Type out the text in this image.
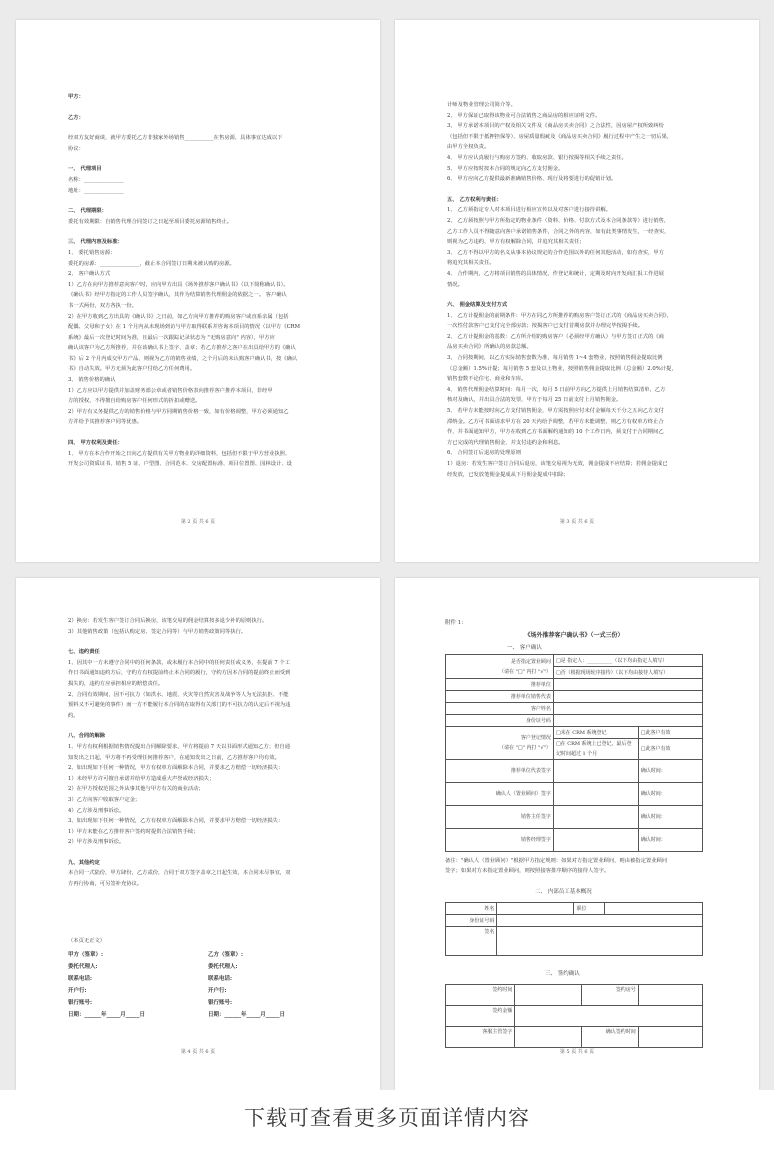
甲方：
乙方：
经双方友好商谈，就甲方委托乙方非独家外场销售___________在售房源，具体事宜达成以下
协议：
一、 代理项目
名称：_______________
地址：_______________
二、 代理期限：
委托有效期限：自销售代理合同签订之日起至项目委托房源销售终止。
三、 代理内容及标准：
1、 委托销售房源：
委托的房源：_______________，截止本合同签订日期未被认购的房源。
2、 客户确认方式
1）乙方在向甲方推荐意向客户时，应向甲方出具《场外推荐客户确认书》（以下简称确认书）。
《确认书》经甲方指定的工作人员签字确认，其作为结算销售代理佣金的依据之一。 客户确认
书一式两份，双方各执一份。
2）在甲方收到乙方出具的《确认书》之日前，如乙方向甲方推荐的购房客户或直系亲属（包括
配偶、父母和子女）在 1 个月内从未现场到访与甲方取得联系并咨询本项目的情况（以甲方《CRM
系统》最后一次登记时间为准，且最后一次跟踪记录状态为 "无购房意向" 内容），甲方应
确认该客户为乙方所推荐，并在该确认书上签字、盖章；若乙方推荐之客户在出具给甲方的《确认
书》后 2 个月内成交甲方产品，则视为乙方的销售业绩，之个月后的未认购客户确认书，按《确认
书》自动失效。甲方无须为此客户付给乙方任何费用。
3、 销售价格的确认
1）乙方应以甲方提供并加盖财务部公章或者销售价格表向推荐客户推荐本项目，非经甲
方的授权，不得擅自给购房客户任何形式的折扣或赠送。
2）甲方有义务提供乙方的销售价格与甲方同期销售价格一致，如有价格调整，甲方必须通知乙
方并给予其推荐客户同等优惠。
四、 甲方权利及责任：
1、 甲方在本合作开始之日向乙方提供有关甲方物业的详细资料，包括但不限于甲方营业执照、
开发公司资质证书、销售 5 证、户型图、合同范本、交房配置标准、项目位置图、园林设计、设
第 2 页 共 6 页
计师及物业管理公司简介等。
2、 甲方保证已取得该物业可合法销售之商品房的相应证明文件。
3、 甲方承诺本项目的产权及相关文件及《商品房买卖合同》之合法性，因房屋产权所致纠纷
（包括但不限于抵押担保等）、房屋质量瑕疵及《商品房买卖合同》履行过程中产生之一切后果，
由甲方全权负责。
4、 甲方应认真履行与购房方签约、收取房款、银行按揭等相关手续之责任。
5、 甲方应按时按本合同的规定向乙方支付佣金。
6、 甲方应向乙方提供最新准确销售价格、现行及将要进行的促销计划。
五、 乙方权利与责任：
1、 乙方须指定专人对本项目进行相应宣传以及对客户进行接待讲解。
2、 乙方须按照与甲方所指定的物业条件（资料、价格、付款方式及本合同条款等）进行销售，
乙方工作人员不得随意向客户承诺销售条件，合同之外的内容，如有此类事情发生，一经查实，
则视为乙方违约，甲方有权解除合同，并追究其相关责任；
3、 乙方不得以甲方的名义从事本协议规定的合作范围以外的任何其他活动，如有查实，甲方
将追究其相关责任。
4、 合作期内，乙方将项目销售的具体情况，作登记和统计，定期及时向开发商汇报工作进展
情况。
六、 佣金结算及支付方式
1、 乙方计提佣金的前期条件：甲方在同乙方所推荐的购房客户签订正式的《商品房买卖合同》，
一次性付款客户已支付完全部房款；按揭客户已支付首期房款并办理完毕按揭手续。
2、 乙方计提佣金的基数：乙方所介绍的购房客户（必须经甲方确认）与甲方签订正式的《商
品房买卖合同》所确认的房款总额。
3、 合同按期间，以乙方实际销售套数为准，每月销售 1~4 套物业，按照销售佣金提取比例
（总金额）1.5%计提；每月销售 5 套及以上物业，按照销售佣金提取比例（总金额）2.0%计提，
销售套数不论住宅、商业和车库。
4、 销售代理佣金结算时间：每月一次，每月 5 日前甲方向乙方提供上月销售结算清单，乙方
核对及确认，并出具合法的发票，甲方于每月 25 日前支付上月销售佣金。
5、 若甲方未能按时向乙方支付销售佣金，甲方需按照应付未付金额每天千分之五向乙方支付
滞纳金。乙方可书面请求甲方在 20 天内给予调整，若甲方未能调整，则乙方有权单方终止合
作，并书面通知甲方，甲方在收到乙方书面解约通知的 10 个工作日内，须支付于合同期间乙
方已完成的代理销售佣金，并支付违约金和利息。
6、 合同签订后退房的处理原则
1）退房：若发生客户签订合同后退房，该笔交易视为无效，佣金提成不应结算；若佣金提成已
经发放，已发放笔佣金提成从下月佣金提成中扣除；
第 3 页 共 6 页
2）换房：若发生客户签订合同后换房，该笔交易的佣金结算按多退少补的原则执行。
3）其他销售政策（包括认购定房、签定合同等）与甲方销售政策同等执行。
七、违约责任
1、因其中一方未遵守合同中的任何条款，或未履行本合同中的任何责任或义务，在提前 7 个工
作日书面通知违约方后，守约方有权提前终止本合同的履行，守约方因本合同的提前终止而受到
损失的，违约方应承担相应的赔偿责任。
2、合同有效期间，因不可抗力（如洪水、地震、火灾等自然灾害及战争等人为无法抗拒、不能
预料又不可避免的事件）而一方不能履行本合同的在取得有关部门的不可抗力的认定后不视为违
约。
八、合同的解除
1、甲方有权利根据销售情况提出合同解除要求，甲方将提前 7 天以书面形式通知乙方；但自通
知发出之日起，甲方将不再受理任何推荐客户，在通知发出之日前，乙方推荐客户均有效。
2、如出现如下任何一种情况，甲方有权单方面解除本合同，并要求乙方赔偿一切经济损失：
1）未经甲方许可擅自承诺并给甲方造成重大声誉或经济损失；
2）在甲方授权范围之外从事其他与甲方有关的商业活动；
3）乙方向客户收取客户定金；
4）乙方涉及刑事诉讼。
3、如出现如下任何一种情况，乙方有权单方面解除本合同，并要求甲方赔偿一切经济损失：
1）甲方未能在乙方推荐客户签约时提供合法销售手续；
2）甲方涉及刑事诉讼。
九、其他约定
本合同一式陆份，甲方肆份，乙方贰份，合同于双方签字盖章之日起生效，本合同未尽事宜，双
方再行协商，可另签补充协议。
（本页无正文）
甲方（签章）:
委托代理人:
联系电话:
开户行:
银行账号:
日期：______年_____月_____日
乙方（签章）:
委托代理人:
联系电话:
开户行:
银行账号:
日期：______年_____月_____日
第 4 页 共 6 页
附件 1：
《场外推荐客户确认书》（一式三份）
一、 客户确认
是否指定置业顾问
（请在 "□" 内打 "√"）	□是 指定人：__________（以下均由指定人填写）	
	□否（根据现场轮序接待）（以下均由接待人填写）	
推荐单位		
推荐单位销售代表		
客户姓名		
身份证号码		

客户登记情况
（请在 "□" 内打 "√"）	□未在 CRM 系统登记	□此客户有效
	□在 CRM 系统上已登记，最后登记时间超过 1 个月	□此客户有效
推荐单位代表签字		确认时间：
确认人（置业顾问）签字		确认时间：
销售主任签字		确认时间：
销售经理签字		确认时间：
备注："确认人（置业顾问）"根据甲方指定规则：如果对方指定置业顾问，则由被指定置业顾问
签字；如果对方未指定置业顾问，则按照接客排序顺序的接待人签字。
二、 内部员工基本概况
姓名		职位	
身份证号码			
签名			
三、 签约确认
签约时间		签约房号	
签约金额			
客服主管签字		确认签约时间	
第 5 页 共 6 页
下载可查看更多页面详情内容
